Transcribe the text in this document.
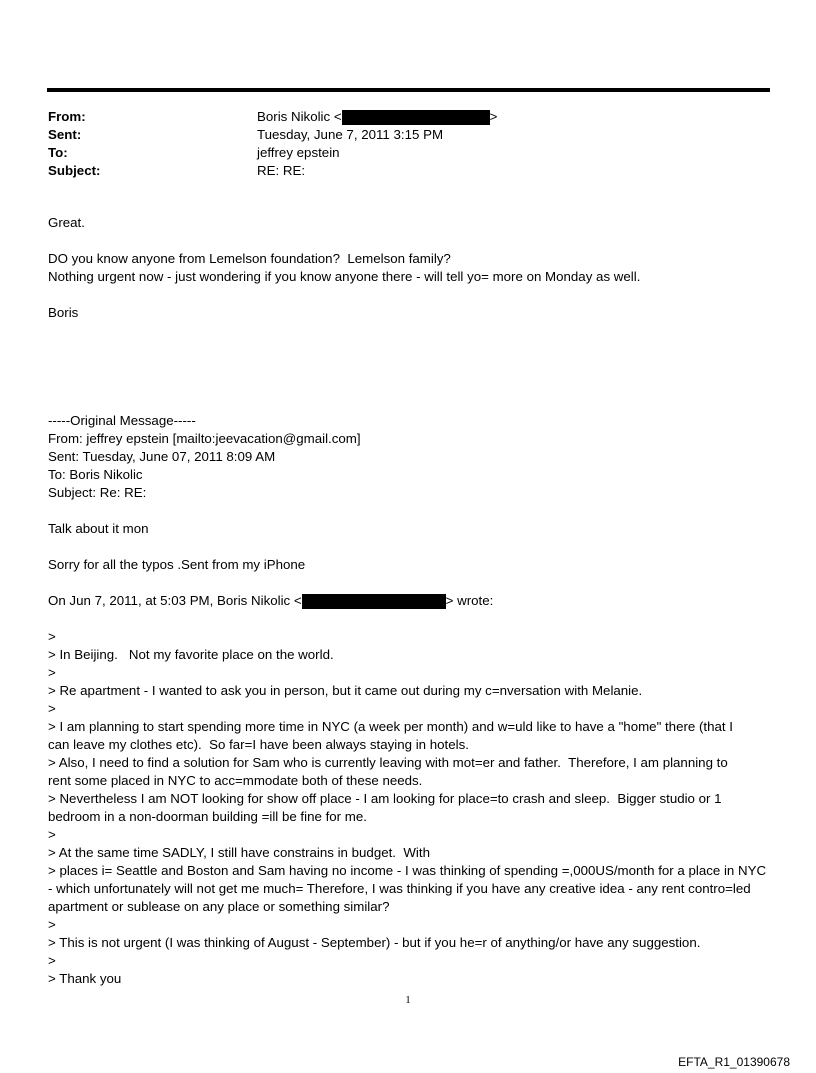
From:	Boris Nikolic <	>
Sent:	Tuesday, June 7, 2011 3:15 PM
To:	jeffrey epstein
Subject:	RE: RE:
Great.
DO you know anyone from Lemelson foundation?  Lemelson family?
Nothing urgent now - just wondering if you know anyone there - will tell yo= more on Monday as well.
Boris
-----Original Message-----
From: jeffrey epstein [mailto:jeevacation@gmail.com]
Sent: Tuesday, June 07, 2011 8:09 AM
To: Boris Nikolic
Subject: Re: RE:
Talk about it mon
Sorry for all the typos .Sent from my iPhone
On Jun 7, 2011, at 5:03 PM, Boris Nikolic <	> wrote:
>
> In Beijing.   Not my favorite place on the world.
>
> Re apartment - I wanted to ask you in person, but it came out during my c=nversation with Melanie.
>
> I am planning to start spending more time in NYC (a week per month) and w=uld like to have a "home" there (that I
can leave my clothes etc).  So far=I have been always staying in hotels.
> Also, I need to find a solution for Sam who is currently leaving with mot=er and father.  Therefore, I am planning to
rent some placed in NYC to acc=mmodate both of these needs.
> Nevertheless I am NOT looking for show off place - I am looking for place=to crash and sleep.  Bigger studio or 1
bedroom in a non-doorman building =ill be fine for me.
>
> At the same time SADLY, I still have constrains in budget.  With
> places i= Seattle and Boston and Sam having no income - I was thinking of spending =,000US/month for a place in NYC
- which unfortunately will not get me much= Therefore, I was thinking if you have any creative idea - any rent contro=led
apartment or sublease on any place or something similar?
>
> This is not urgent (I was thinking of August - September) - but if you he=r of anything/or have any suggestion.
>
> Thank you
1
EFTA_R1_01390678
